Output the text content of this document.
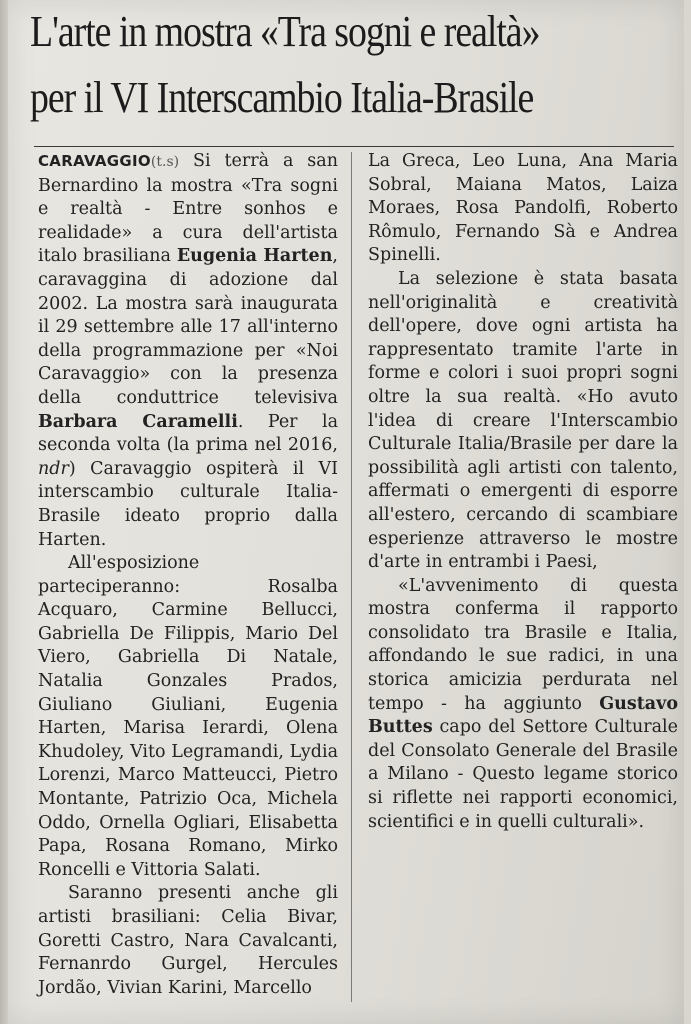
L'arte in mostra «Tra sogni e realtà»
per il VI Interscambio Italia-Brasile

CARAVAGGIO(t.s) Si terrà a san Bernardino la mostra «Tra sogni e realtà - Entre sonhos e realidade» a cura dell'artista italo brasiliana Eugenia Harten, caravaggina di adozione dal 2002. La mostra sarà inaugurata il 29 settembre alle 17 all'interno della programmazione per «Noi Caravaggio» con la presenza della conduttrice televisiva Barbara Caramelli. Per la seconda volta (la prima nel 2016, ndr) Caravaggio ospiterà il VI interscambio culturale Italia-Brasile ideato proprio dalla Harten.

All'esposizione parteciperanno: Rosalba Acquaro, Carmine Bellucci, Gabriella De Filippis, Mario Del Viero, Gabriella Di Natale, Natalia Gonzales Prados, Giuliano Giuliani, Eugenia Harten, Marisa Ierardi, Olena Khudoley, Vito Legramandi, Lydia Lorenzi, Marco Matteucci, Pietro Montante, Patrizio Oca, Michela Oddo, Ornella Ogliari, Elisabetta Papa, Rosana Romano, Mirko Roncelli e Vittoria Salati.

Saranno presenti anche gli artisti brasiliani: Celia Bivar, Goretti Castro, Nara Cavalcanti, Fernanrdo Gurgel, Hercules Jordão, Vivian Karini, Marcello

La Greca, Leo Luna, Ana Maria Sobral, Maiana Matos, Laiza Moraes, Rosa Pandolfi, Roberto Rômulo, Fernando Sà e Andrea Spinelli.

La selezione è stata basata nell'originalità e creatività dell'opere, dove ogni artista ha rappresentato tramite l'arte in forme e colori i suoi propri sogni oltre la sua realtà. «Ho avuto l'idea di creare l'Interscambio Culturale Italia/Brasile per dare la possibilità agli artisti con talento, affermati o emergenti di esporre all'estero, cercando di scambiare esperienze attraverso le mostre d'arte in entrambi i Paesi,

«L'avvenimento di questa mostra conferma il rapporto consolidato tra Brasile e Italia, affondando le sue radici, in una storica amicizia perdurata nel tempo - ha aggiunto Gustavo Buttes capo del Settore Culturale del Consolato Generale del Brasile a Milano - Questo legame storico si riflette nei rapporti economici, scientifici e in quelli culturali».
